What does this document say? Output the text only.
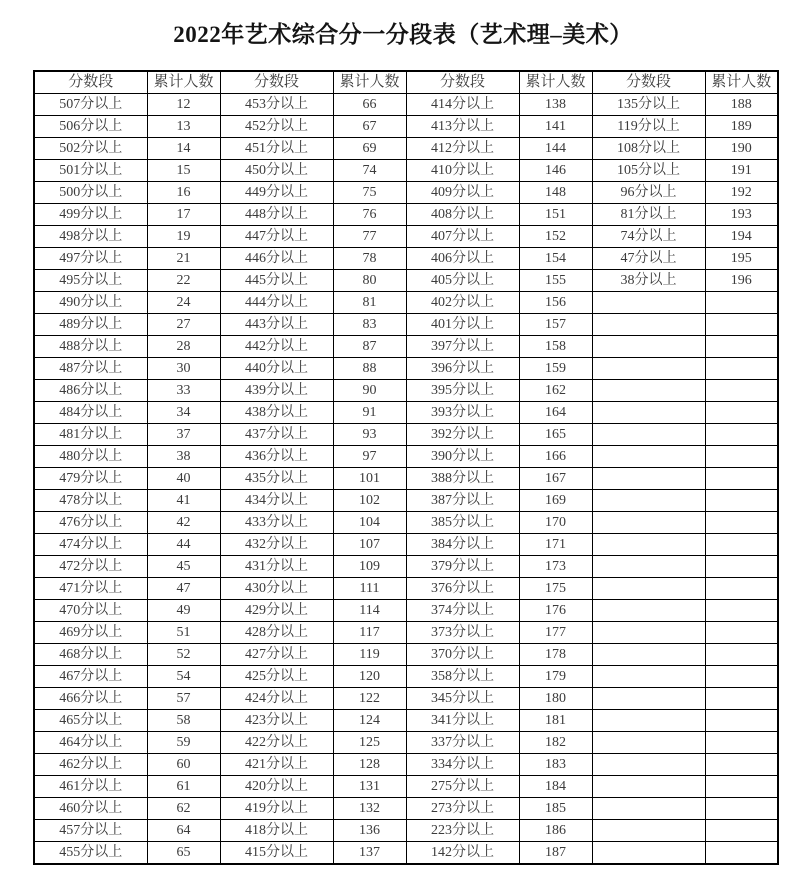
2022年艺术综合分一分段表（艺术理–美术）
分数段	累计人数	分数段	累计人数	分数段	累计人数	分数段	累计人数
507分以上	12	453分以上	66	414分以上	138	135分以上	188
506分以上	13	452分以上	67	413分以上	141	119分以上	189
502分以上	14	451分以上	69	412分以上	144	108分以上	190
501分以上	15	450分以上	74	410分以上	146	105分以上	191
500分以上	16	449分以上	75	409分以上	148	96分以上	192
499分以上	17	448分以上	76	408分以上	151	81分以上	193
498分以上	19	447分以上	77	407分以上	152	74分以上	194
497分以上	21	446分以上	78	406分以上	154	47分以上	195
495分以上	22	445分以上	80	405分以上	155	38分以上	196
490分以上	24	444分以上	81	402分以上	156		
489分以上	27	443分以上	83	401分以上	157		
488分以上	28	442分以上	87	397分以上	158		
487分以上	30	440分以上	88	396分以上	159		
486分以上	33	439分以上	90	395分以上	162		
484分以上	34	438分以上	91	393分以上	164		
481分以上	37	437分以上	93	392分以上	165		
480分以上	38	436分以上	97	390分以上	166		
479分以上	40	435分以上	101	388分以上	167		
478分以上	41	434分以上	102	387分以上	169		
476分以上	42	433分以上	104	385分以上	170		
474分以上	44	432分以上	107	384分以上	171		
472分以上	45	431分以上	109	379分以上	173		
471分以上	47	430分以上	111	376分以上	175		
470分以上	49	429分以上	114	374分以上	176		
469分以上	51	428分以上	117	373分以上	177		
468分以上	52	427分以上	119	370分以上	178		
467分以上	54	425分以上	120	358分以上	179		
466分以上	57	424分以上	122	345分以上	180		
465分以上	58	423分以上	124	341分以上	181		
464分以上	59	422分以上	125	337分以上	182		
462分以上	60	421分以上	128	334分以上	183		
461分以上	61	420分以上	131	275分以上	184		
460分以上	62	419分以上	132	273分以上	185		
457分以上	64	418分以上	136	223分以上	186		
455分以上	65	415分以上	137	142分以上	187		
